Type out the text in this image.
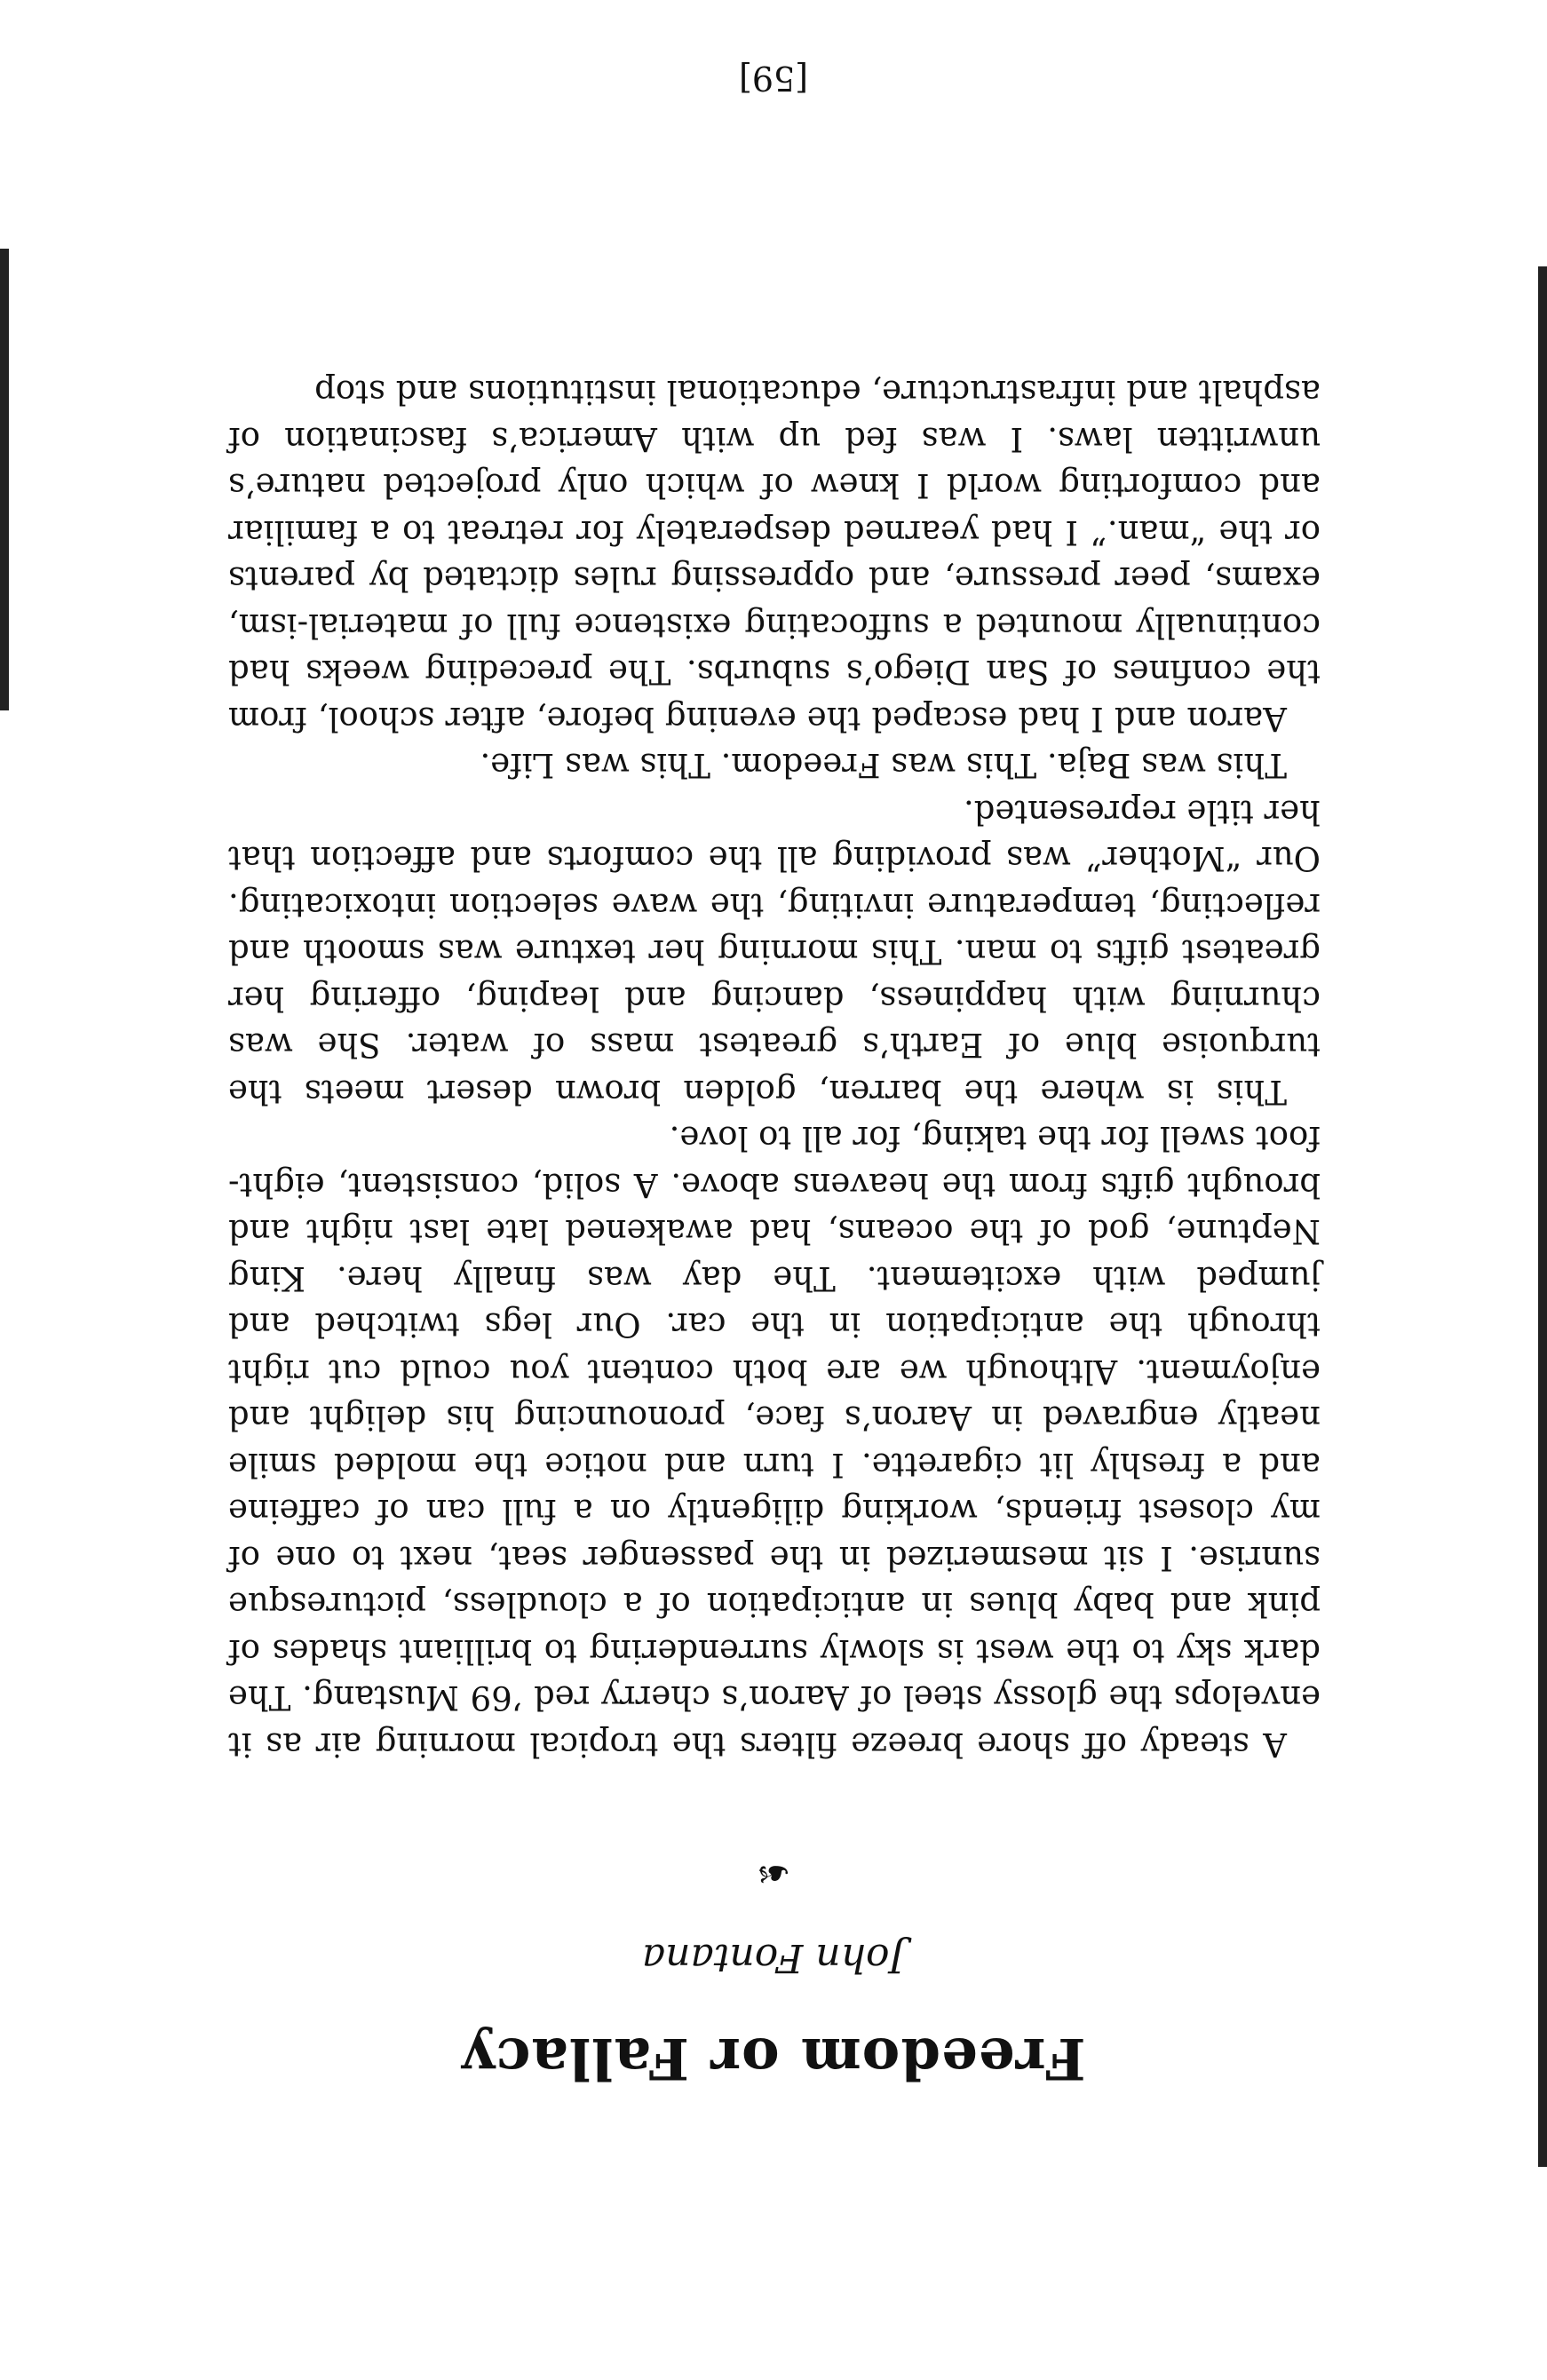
Freedom or Fallacy
John Fontana
☙

A steady off shore breeze filters the tropical morning air as it envelops the glossy steel of Aaron’s cherry red ’69 Mustang. The dark sky to the west is slowly surrendering to brilliant shades of pink and baby blues in anticipation of a cloudless, picturesque sunrise. I sit mesmerized in the passenger seat, next to one of my closest friends, working diligently on a full can of caffeine and a freshly lit cigarette. I turn and notice the molded smile neatly engraved in Aaron’s face, pronouncing his delight and enjoyment. Although we are both content you could cut right through the anticipation in the car. Our legs twitched and jumped with excitement. The day was finally here. King Neptune, god of the oceans, had awakened late last night and brought gifts from the heavens above. A solid, consistent, eight-foot swell for the taking, for all to love.

This is where the barren, golden brown desert meets the turquoise blue of Earth’s greatest mass of water. She was churning with happiness, dancing and leaping, offering her greatest gifts to man. This morning her texture was smooth and reflecting, temperature inviting, the wave selection intoxicating. Our “Mother” was providing all the comforts and affection that her title represented.

This was Baja. This was Freedom. This was Life.

Aaron and I had escaped the evening before, after school, from the confines of San Diego’s suburbs. The preceding weeks had continually mounted a suffocating existence full of material-ism, exams, peer pressure, and oppressing rules dictated by parents or the “man.” I had yearned desperately for retreat to a familiar and comforting world I knew of which only projected nature’s unwritten laws. I was fed up with America’s fascination of asphalt and infrastructure, educational institutions and stop

[59]
